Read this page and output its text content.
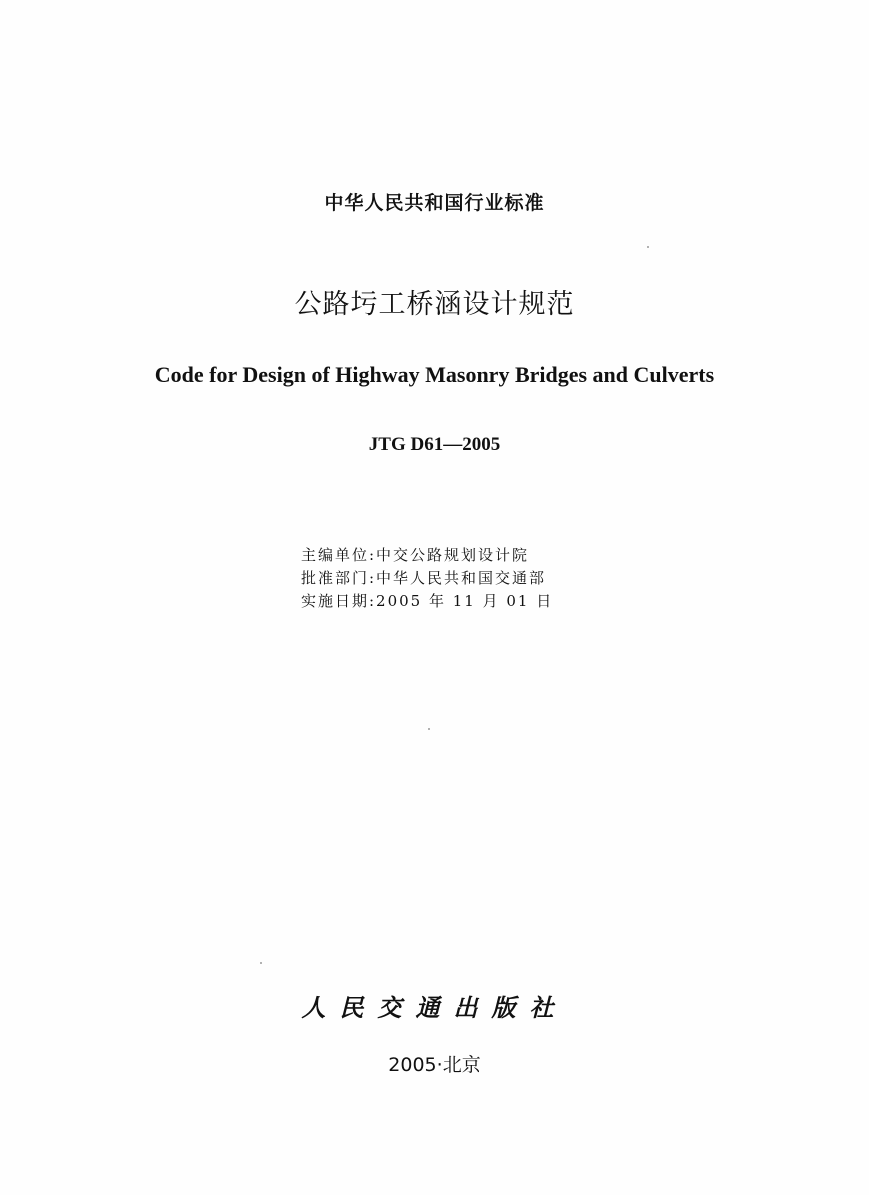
中华人民共和国行业标准
公路圬工桥涵设计规范
Code for Design of Highway Masonry Bridges and Culverts
JTG D61—2005
主编单位:中交公路规划设计院
批准部门:中华人民共和国交通部
实施日期:2005 年 11 月 01 日
人民交通出版社
2005·北京
